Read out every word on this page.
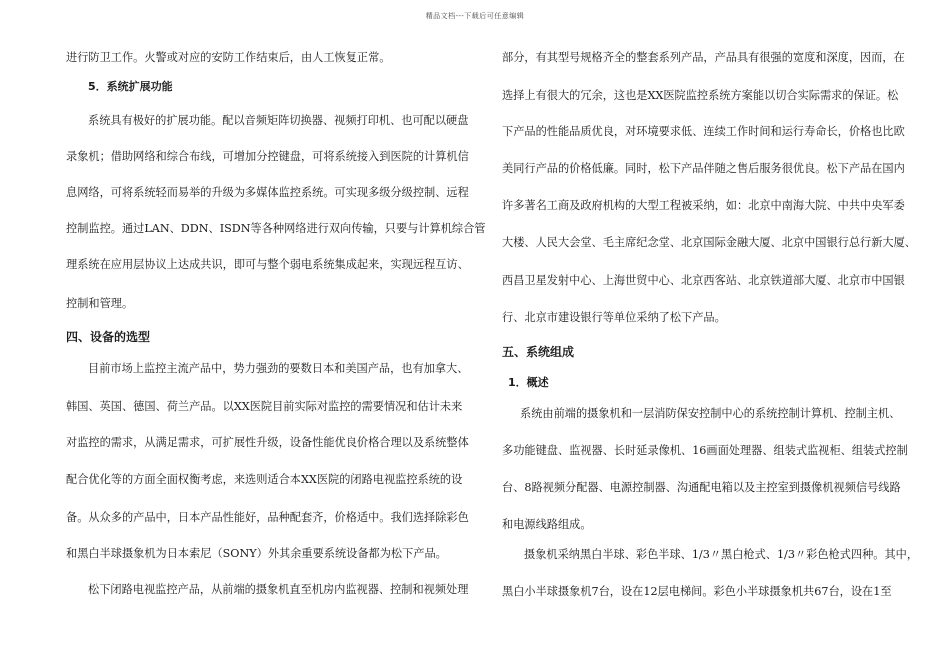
精品文档---下载后可任意编辑
进行防卫工作。火警或对应的安防工作结束后，由人工恢复正常。
5．系统扩展功能
系统具有极好的扩展功能。配以音频矩阵切换器、视频打印机、也可配以硬盘
录象机；借助网络和综合布线，可增加分控键盘，可将系统接入到医院的计算机信
息网络，可将系统轻而易举的升级为多媒体监控系统。可实现多级分级控制、远程
控制监控。通过LAN、DDN、ISDN等各种网络进行双向传输，只要与计算机综合管
理系统在应用层协议上达成共识，即可与整个弱电系统集成起来，实现远程互访、
控制和管理。
四、设备的选型
目前市场上监控主流产品中，势力强劲的要数日本和美国产品，也有加拿大、
韩国、英国、德国、荷兰产品。以XX医院目前实际对监控的需要情况和估计未来
对监控的需求，从满足需求，可扩展性升级，设备性能优良价格合理以及系统整体
配合优化等的方面全面权衡考虑，来选则适合本XX医院的闭路电视监控系统的设
备。从众多的产品中，日本产品性能好，品种配套齐，价格适中。我们选择除彩色
和黑白半球摄象机为日本索尼（SONY）外其余重要系统设备都为松下产品。
松下闭路电视监控产品，从前端的摄象机直至机房内监视器、控制和视频处理
部分，有其型号规格齐全的整套系列产品，产品具有很强的宽度和深度，因而，在
选择上有很大的冗余，这也是XX医院监控系统方案能以切合实际需求的保证。松
下产品的性能品质优良，对环境要求低、连续工作时间和运行寿命长，价格也比欧
美同行产品的价格低廉。同时，松下产品伴随之售后服务很优良。松下产品在国内
许多著名工商及政府机构的大型工程被采纳，如：北京中南海大院、中共中央军委
大楼、人民大会堂、毛主席纪念堂、北京国际金融大厦、北京中国银行总行新大厦、
西昌卫星发射中心、上海世贸中心、北京西客站、北京铁道部大厦、北京市中国银
行、北京市建设银行等单位采纳了松下产品。
五、系统组成
1．概述
系统由前端的摄象机和一层消防保安控制中心的系统控制计算机、控制主机、
多功能键盘、监视器、长时延录像机、16画面处理器、组装式监视柜、组装式控制
台、8路视频分配器、电源控制器、沟通配电箱以及主控室到摄像机视频信号线路
和电源线路组成。
摄象机采纳黑白半球、彩色半球、1/3〃黑白枪式、1/3〃彩色枪式四种。其中，
黑白小半球摄象机7台，设在12层电梯间。彩色小半球摄象机共67台，设在1至
